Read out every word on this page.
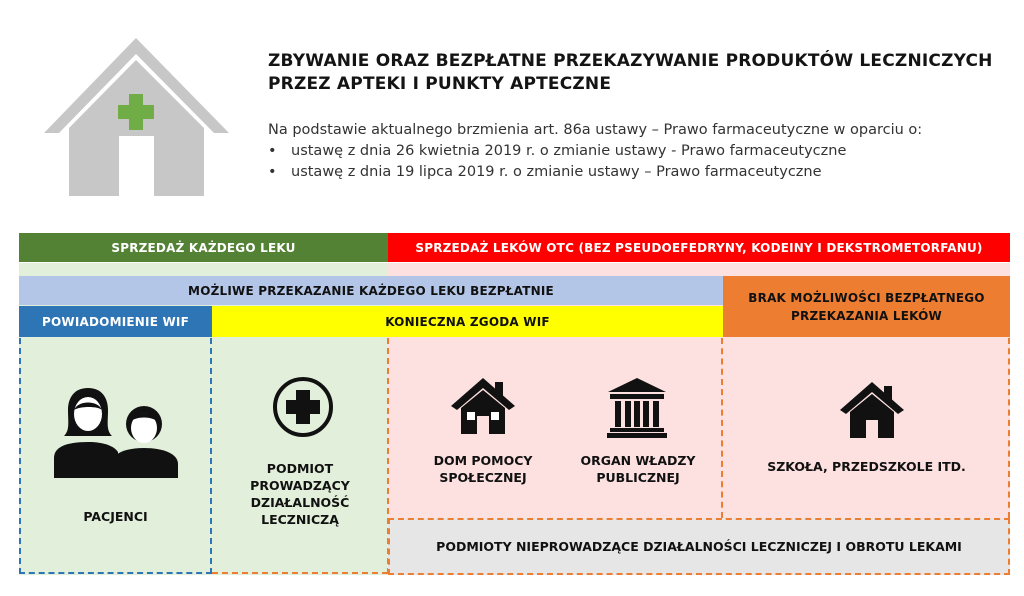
ZBYWANIE ORAZ BEZPŁATNE PRZEKAZYWANIE PRODUKTÓW LECZNICZYCH
PRZEZ APTEKI I PUNKTY APTECZNE
Na podstawie aktualnego brzmienia art. 86a ustawy – Prawo farmaceutyczne w oparciu o:
• ustawę z dnia 26 kwietnia 2019 r. o zmianie ustawy - Prawo farmaceutyczne
• ustawę z dnia 19 lipca 2019 r. o zmianie ustawy – Prawo farmaceutyczne
SPRZEDAŻ KAŻDEGO LEKU	SPRZEDAŻ LEKÓW OTC (BEZ PSEUDOEFEDRYNY, KODEINY I DEKSTROMETORFANU)
MOŻLIWE PRZEKAZANIE KAŻDEGO LEKU BEZPŁATNIE
POWIADOMIENIE WIF	KONIECZNA ZGODA WIF
BRAK MOŻLIWOŚCI BEZPŁATNEGO
PRZEKAZANIA LEKÓW
PACJENCI
PODMIOT
PROWADZĄCY
DZIAŁALNOŚĆ
LECZNICZĄ
DOM POMOCY
SPOŁECZNEJ
ORGAN WŁADZY
PUBLICZNEJ
SZKOŁA, PRZEDSZKOLE ITD.
PODMIOTY NIEPROWADZĄCE DZIAŁALNOŚCI LECZNICZEJ I OBROTU LEKAMI
